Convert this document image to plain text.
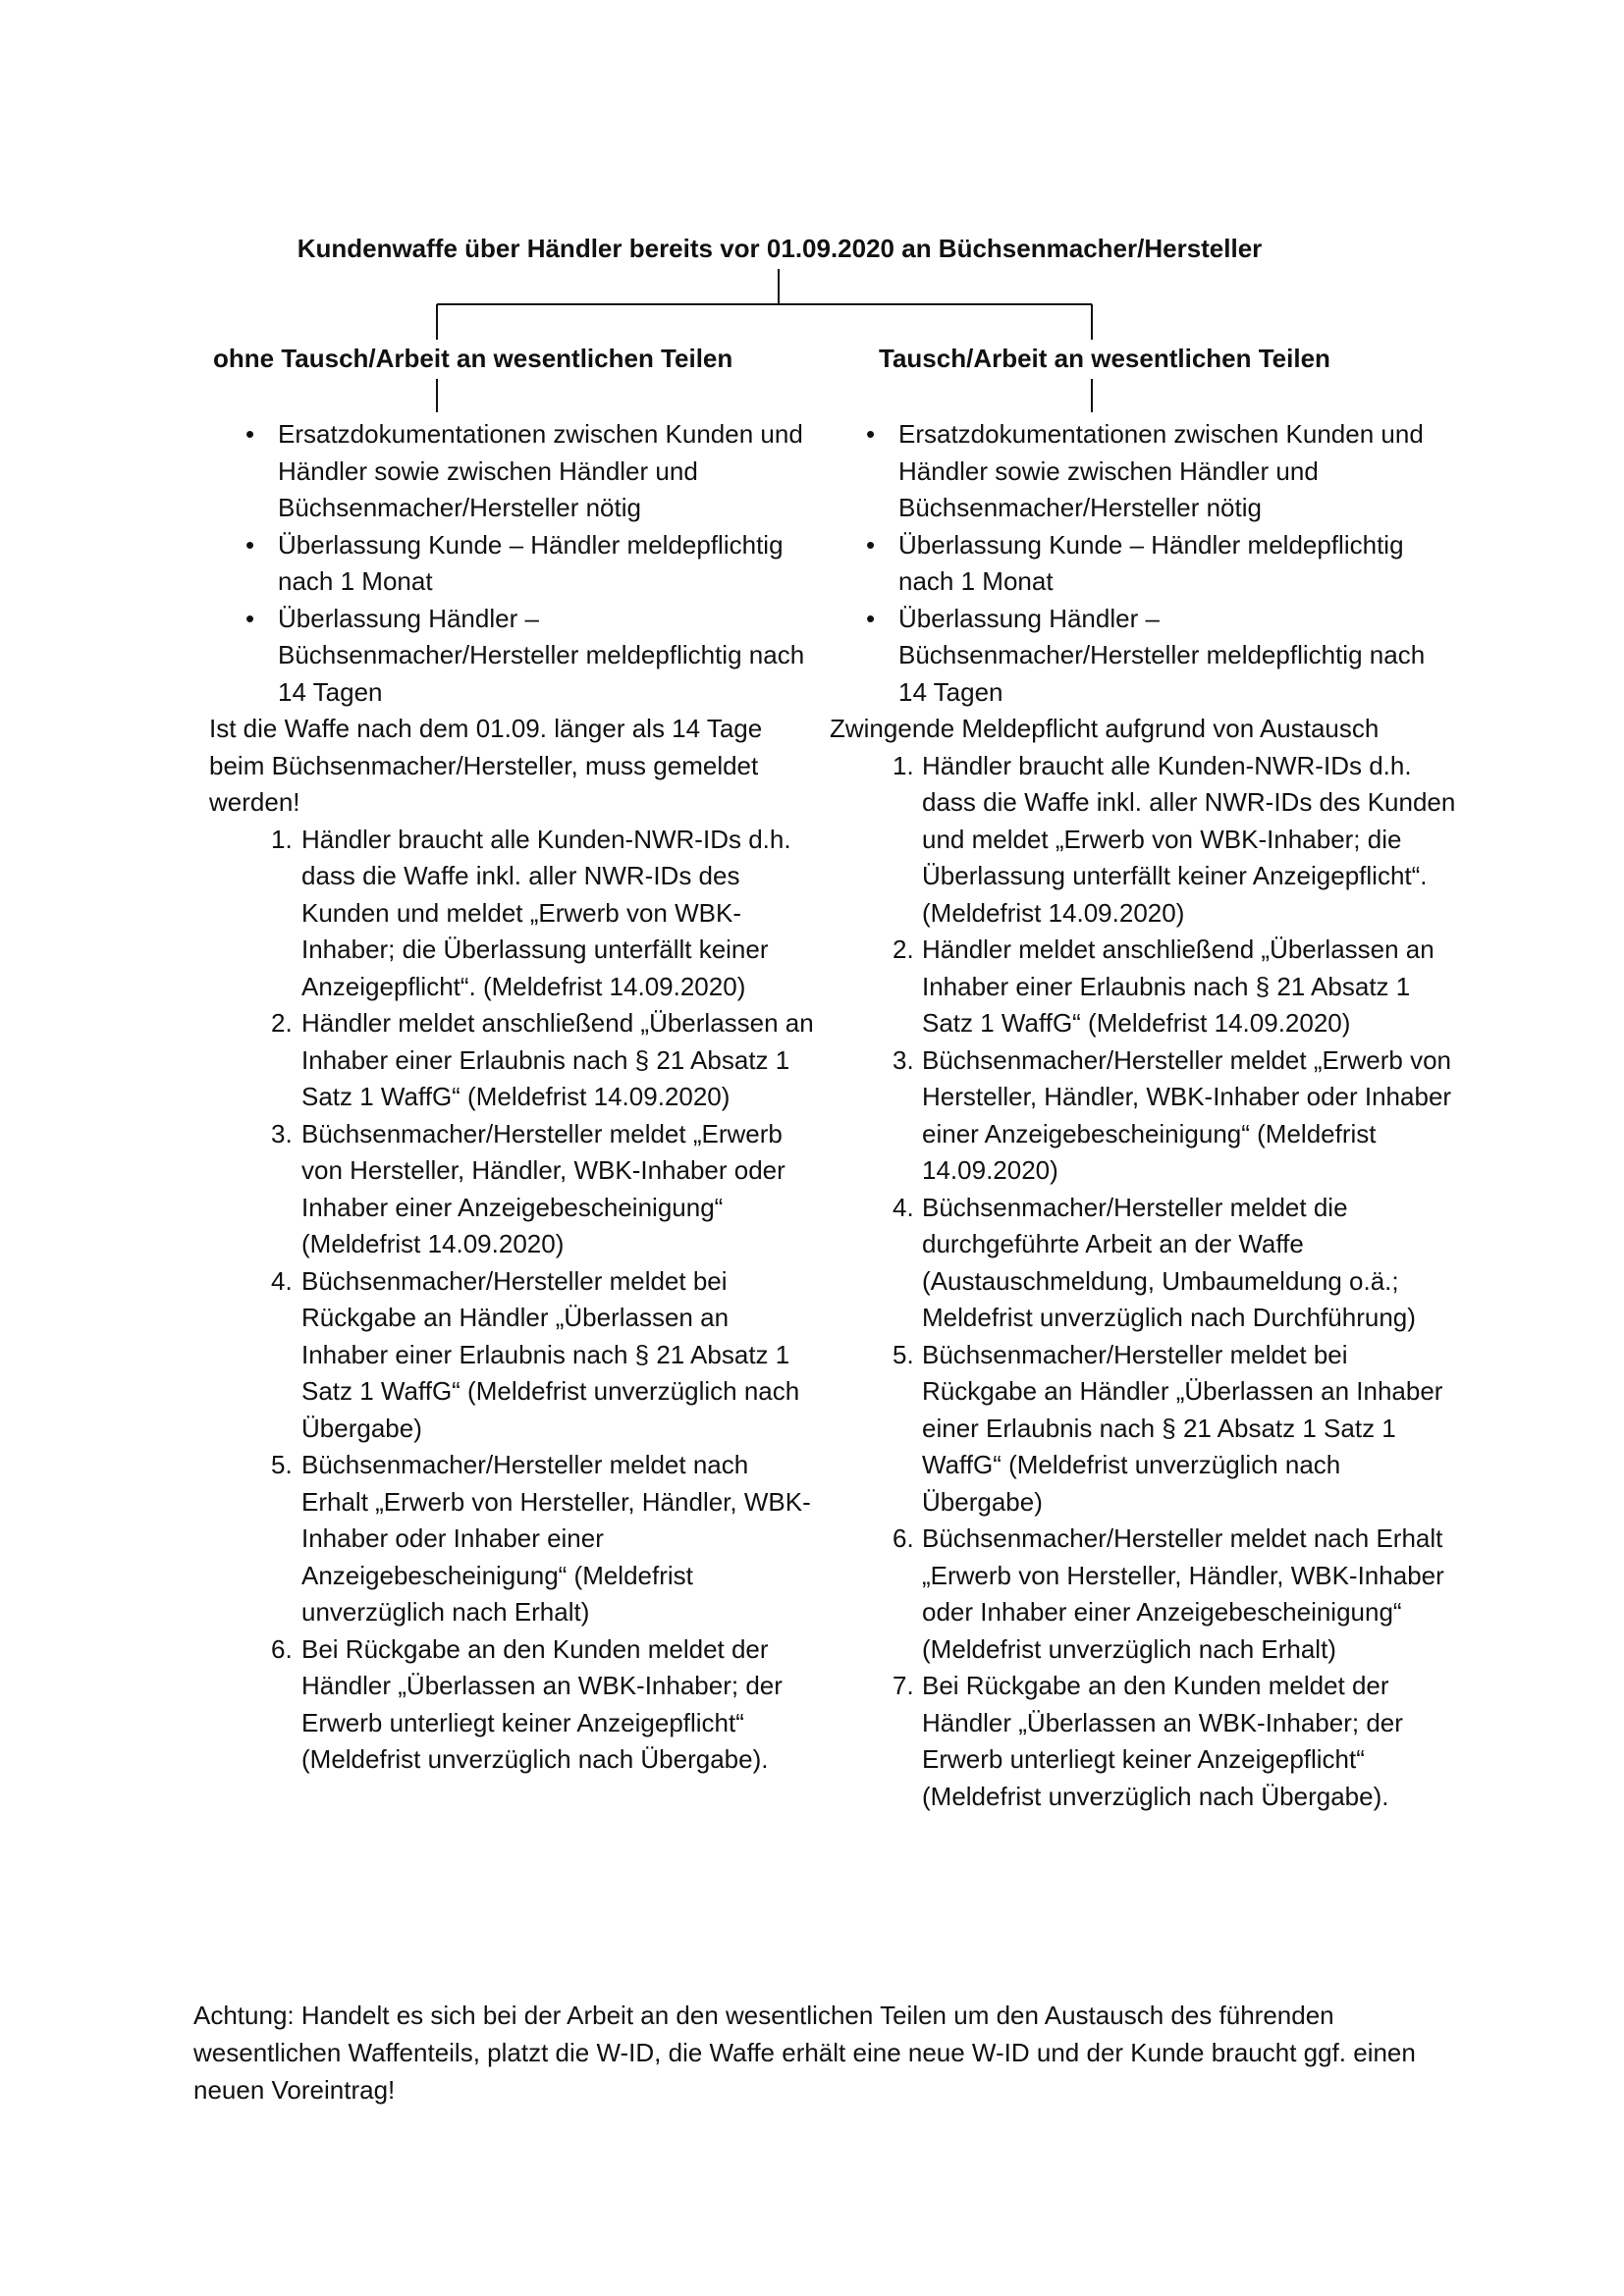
Kundenwaffe über Händler bereits vor 01.09.2020 an Büchsenmacher/Hersteller
ohne Tausch/Arbeit an wesentlichen Teilen	Tausch/Arbeit an wesentlichen Teilen
• Ersatzdokumentationen zwischen Kunden und Händler sowie zwischen Händler und Büchsenmacher/Hersteller nötig
• Überlassung Kunde – Händler meldepflichtig nach 1 Monat
• Überlassung Händler – Büchsenmacher/Hersteller meldepflichtig nach 14 Tagen

Ist die Waffe nach dem 01.09. länger als 14 Tage beim Büchsenmacher/Hersteller, muss gemeldet werden!

1. Händler braucht alle Kunden-NWR-IDs d.h. dass die Waffe inkl. aller NWR-IDs des Kunden und meldet „Erwerb von WBK-Inhaber; die Überlassung unterfällt keiner Anzeigepflicht“. (Meldefrist 14.09.2020)
2. Händler meldet anschließend „Überlassen an Inhaber einer Erlaubnis nach § 21 Absatz 1 Satz 1 WaffG“ (Meldefrist 14.09.2020)
3. Büchsenmacher/Hersteller meldet „Erwerb von Hersteller, Händler, WBK-Inhaber oder Inhaber einer Anzeigebescheinigung“ (Meldefrist 14.09.2020)
4. Büchsenmacher/Hersteller meldet bei Rückgabe an Händler „Überlassen an Inhaber einer Erlaubnis nach § 21 Absatz 1 Satz 1 WaffG“ (Meldefrist unverzüglich nach Übergabe)
5. Büchsenmacher/Hersteller meldet nach Erhalt „Erwerb von Hersteller, Händler, WBK-Inhaber oder Inhaber einer Anzeigebescheinigung“ (Meldefrist unverzüglich nach Erhalt)
6. Bei Rückgabe an den Kunden meldet der Händler „Überlassen an WBK-Inhaber; der Erwerb unterliegt keiner Anzeigepflicht“ (Meldefrist unverzüglich nach Übergabe).
• Ersatzdokumentationen zwischen Kunden und Händler sowie zwischen Händler und Büchsenmacher/Hersteller nötig
• Überlassung Kunde – Händler meldepflichtig nach 1 Monat
• Überlassung Händler – Büchsenmacher/Hersteller meldepflichtig nach 14 Tagen

Zwingende Meldepflicht aufgrund von Austausch

1. Händler braucht alle Kunden-NWR-IDs d.h. dass die Waffe inkl. aller NWR-IDs des Kunden und meldet „Erwerb von WBK-Inhaber; die Überlassung unterfällt keiner Anzeigepflicht“. (Meldefrist 14.09.2020)
2. Händler meldet anschließend „Überlassen an Inhaber einer Erlaubnis nach § 21 Absatz 1 Satz 1 WaffG“ (Meldefrist 14.09.2020)
3. Büchsenmacher/Hersteller meldet „Erwerb von Hersteller, Händler, WBK-Inhaber oder Inhaber einer Anzeigebescheinigung“ (Meldefrist 14.09.2020)
4. Büchsenmacher/Hersteller meldet die durchgeführte Arbeit an der Waffe (Austauschmeldung, Umbaumeldung o.ä.; Meldefrist unverzüglich nach Durchführung)
5. Büchsenmacher/Hersteller meldet bei Rückgabe an Händler „Überlassen an Inhaber einer Erlaubnis nach § 21 Absatz 1 Satz 1 WaffG“ (Meldefrist unverzüglich nach Übergabe)
6. Büchsenmacher/Hersteller meldet nach Erhalt „Erwerb von Hersteller, Händler, WBK-Inhaber oder Inhaber einer Anzeigebescheinigung“ (Meldefrist unverzüglich nach Erhalt)
7. Bei Rückgabe an den Kunden meldet der Händler „Überlassen an WBK-Inhaber; der Erwerb unterliegt keiner Anzeigepflicht“ (Meldefrist unverzüglich nach Übergabe).

Achtung: Handelt es sich bei der Arbeit an den wesentlichen Teilen um den Austausch des führenden wesentlichen Waffenteils, platzt die W-ID, die Waffe erhält eine neue W-ID und der Kunde braucht ggf. einen neuen Voreintrag!
